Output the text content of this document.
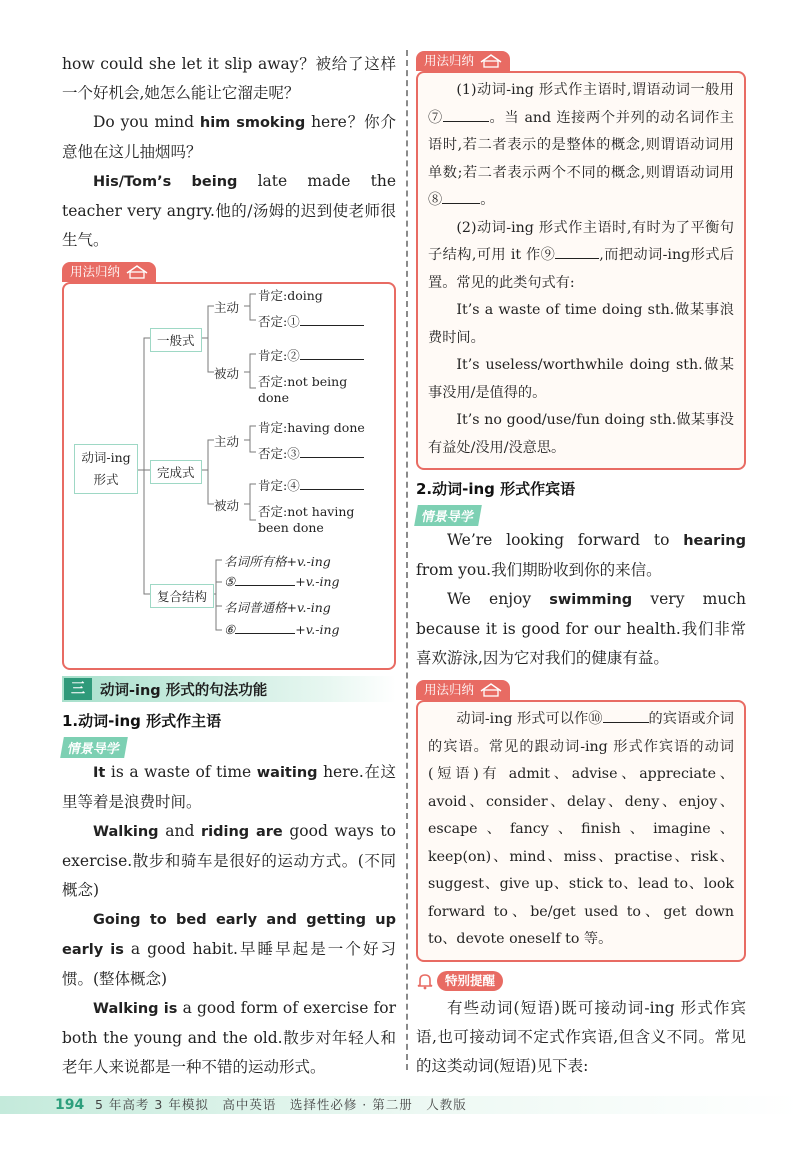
how could she let it slip away？被给了这样一个好机会,她怎么能让它溜走呢？

Do you mind him smoking here？你介意他在这儿抽烟吗？

His/Tom’s being late made the teacher very angry.他的/汤姆的迟到使老师很生气。

用法归纳
动词-ing形式
一般式
完成式
复合结构
主动
被动
主动
被动
肯定:doing
否定:①
肯定:②
否定:not being
done
肯定:having done
否定:③
肯定:④
否定:not having
been done
名词所有格+v.-ing
⑤	+v.-ing
名词普通格+v.-ing
⑥	+v.-ing
三	动词-ing 形式的句法功能
1.动词-ing 形式作主语
情景导学

It is a waste of time waiting here.在这里等着是浪费时间。

Walking and riding are good ways to exercise.散步和骑车是很好的运动方式。(不同概念)

Going to bed early and getting up early is a good habit.早睡早起是一个好习惯。(整体概念)

Walking is a good form of exercise for both the young and the old.散步对年轻人和老年人来说都是一种不错的运动形式。

用法归纳

(1)动词-ing 形式作主语时,谓语动词一般用⑦	。当 and 连接两个并列的动名词作主语时,若二者表示的是整体的概念,则谓语动词用单数;若二者表示两个不同的概念,则谓语动词用⑧	。

(2)动词-ing 形式作主语时,有时为了平衡句子结构,可用 it 作⑨	,而把动词-ing形式后置。常见的此类句式有:

It’s a waste of time doing sth.做某事浪费时间。

It’s useless/worthwhile doing sth.做某事没用/是值得的。

It’s no good/use/fun doing sth.做某事没有益处/没用/没意思。

2.动词-ing 形式作宾语
情景导学

We’re looking forward to hearing from you.我们期盼收到你的来信。

We enjoy swimming very much because it is good for our health.我们非常喜欢游泳,因为它对我们的健康有益。

用法归纳

动词-ing 形式可以作⑩	的宾语或介词的宾语。常见的跟动词-ing 形式作宾语的动词(短语)有 admit、advise、appreciate、avoid、consider、delay、deny、enjoy、escape、fancy、finish、imagine、keep(on)、mind、miss、practise、risk、suggest、give up、stick to、lead to、look forward to、be/get used to、get down to、devote oneself to 等。

特别提醒

有些动词(短语)既可接动词-ing 形式作宾语,也可接动词不定式作宾语,但含义不同。常见的这类动词(短语)见下表:

194 5 年高考 3 年模拟　高中英语　选择性必修 · 第二册　人教版
